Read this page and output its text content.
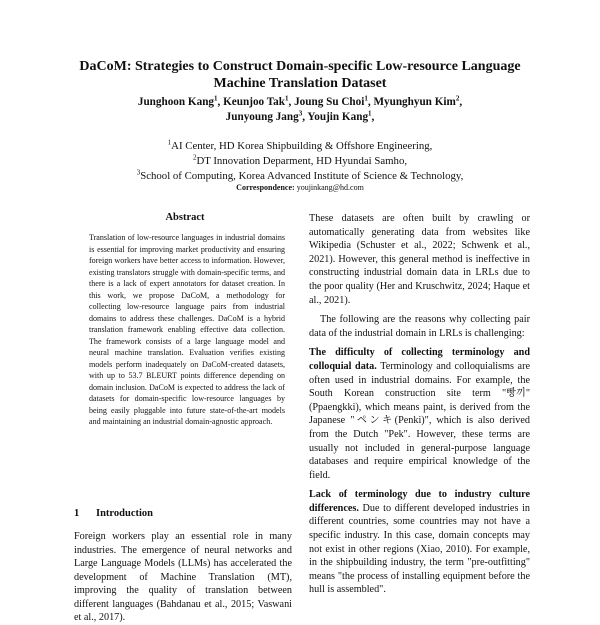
DaCoM: Strategies to Construct Domain-specific Low-resource Language
Machine Translation Dataset
Junghoon Kang$^1$, Keunjoo Tak$^1$, Joung Su Choi$^1$, Myunghyun Kim$^2$,
Junyoung Jang$^3$, Youjin Kang$^1$,
$^1$AI Center, HD Korea Shipbuilding & Offshore Engineering,
$^2$DT Innovation Deparment, HD Hyundai Samho,
$^3$School of Computing, Korea Advanced Institute of Science & Technology,
Correspondence: youjinkang@hd.com
Abstract
Translation of low-resource languages in industrial domains is essential for improving market productivity and ensuring foreign workers have better access to information. However, existing translators struggle with domain-specific terms, and there is a lack of expert annotators for dataset creation. In this work, we propose DaCoM, a methodology for collecting low-resource language pairs from industrial domains to address these challenges. DaCoM is a hybrid translation framework enabling effective data collection. The framework consists of a large language model and neural machine translation. Evaluation verifies existing models perform inadequately on DaCoM-created datasets, with up to 53.7 BLEURT points difference depending on domain inclusion. DaCoM is expected to address the lack of datasets for domain-specific low-resource languages by being easily pluggable into future state-of-the-art models and maintaining an industrial domain-agnostic approach.
1 Introduction
Foreign workers play an essential role in many industries. The emergence of neural networks and Large Language Models (LLMs) has accelerated the development of Machine Translation (MT), improving the quality of translation between different languages (Bahdanau et al., 2015; Vaswani et al., 2017).

These datasets are often built by crawling or automatically generating data from websites like Wikipedia (Schuster et al., 2022; Schwenk et al., 2021). However, this general method is ineffective in constructing industrial domain data in LRLs due to the poor quality (Her and Kruschwitz, 2024; Haque et al., 2021).

The following are the reasons why collecting pair data of the industrial domain in LRLs is challenging:

The difficulty of collecting terminology and colloquial data. Terminology and colloquialisms are often used in industrial domains. For example, the South Korean construction site term "빵끼" (Ppaengkki), which means paint, is derived from the Japanese "ペンキ(Penki)", which is also derived from the Dutch "Pek". However, these terms are usually not included in general-purpose language databases and require empirical knowledge of the field.

Lack of terminology due to industry culture differences. Due to different developed industries in different countries, some countries may not have a specific industry. In this case, domain concepts may not exist in other regions (Xiao, 2010). For example, in the shipbuilding industry, the term "pre-outfitting" means "the process of installing equipment before the hull is assembled".
